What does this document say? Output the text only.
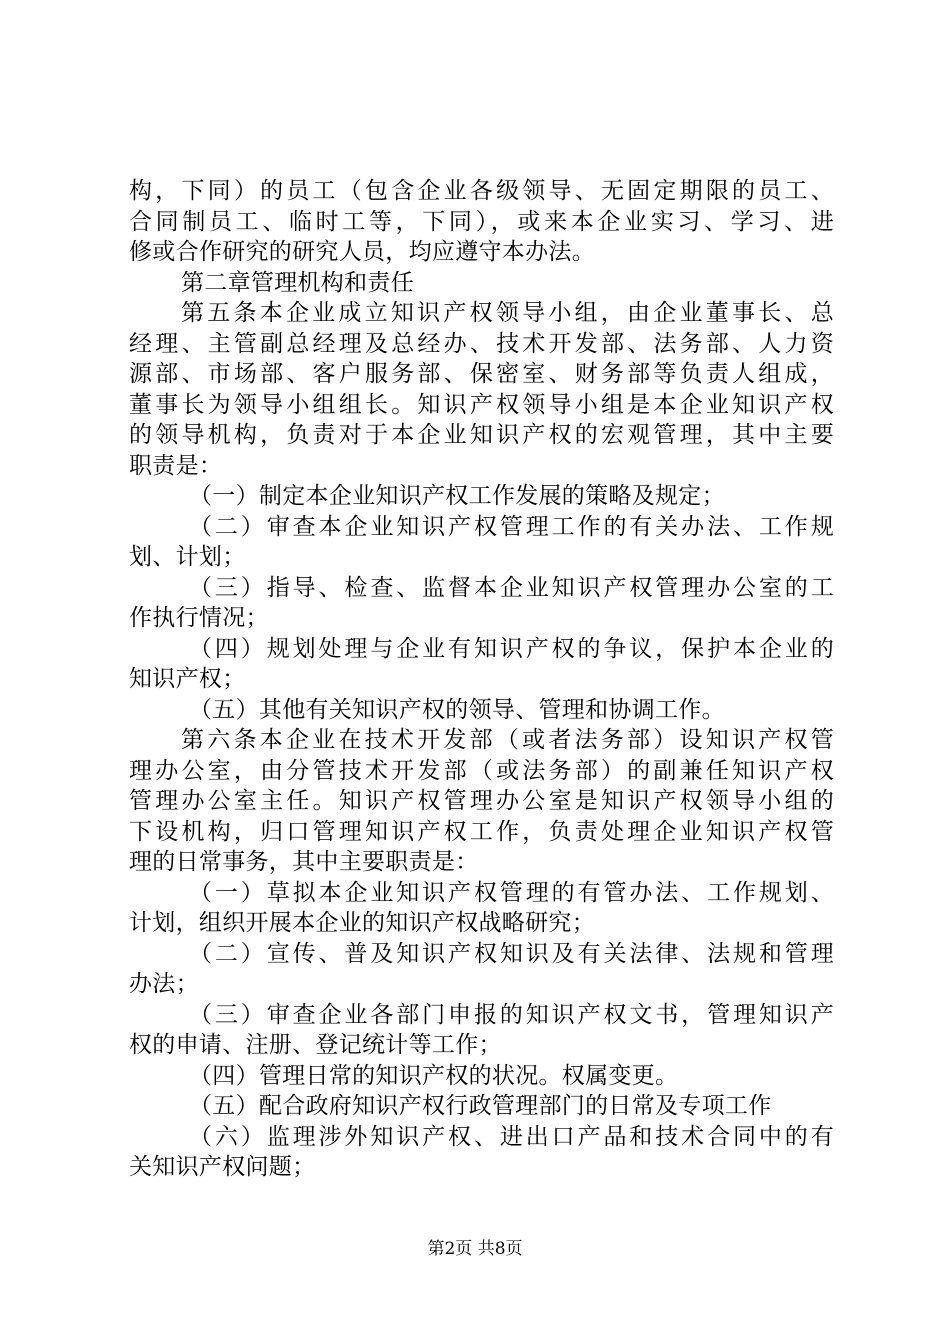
构，下同）的员工（包含企业各级领导、无固定期限的员工、
合同制员工、临时工等，下同），或来本企业实习、学习、进
修或合作研究的研究人员，均应遵守本办法。
第二章管理机构和责任
第五条本企业成立知识产权领导小组，由企业董事长、总
经理、主管副总经理及总经办、技术开发部、法务部、人力资
源部、市场部、客户服务部、保密室、财务部等负责人组成，
董事长为领导小组组长。知识产权领导小组是本企业知识产权
的领导机构，负责对于本企业知识产权的宏观管理，其中主要
职责是：
（一）制定本企业知识产权工作发展的策略及规定；
（二）审查本企业知识产权管理工作的有关办法、工作规
划、计划；
（三）指导、检查、监督本企业知识产权管理办公室的工
作执行情况；
（四）规划处理与企业有知识产权的争议，保护本企业的
知识产权；
（五）其他有关知识产权的领导、管理和协调工作。
第六条本企业在技术开发部（或者法务部）设知识产权管
理办公室，由分管技术开发部（或法务部）的副兼任知识产权
管理办公室主任。知识产权管理办公室是知识产权领导小组的
下设机构，归口管理知识产权工作，负责处理企业知识产权管
理的日常事务，其中主要职责是：
（一）草拟本企业知识产权管理的有管办法、工作规划、
计划，组织开展本企业的知识产权战略研究；
（二）宣传、普及知识产权知识及有关法律、法规和管理
办法；
（三）审查企业各部门申报的知识产权文书，管理知识产
权的申请、注册、登记统计等工作；
（四）管理日常的知识产权的状况。权属变更。
（五）配合政府知识产权行政管理部门的日常及专项工作
（六）监理涉外知识产权、进出口产品和技术合同中的有
关知识产权问题；
第2页 共8页
